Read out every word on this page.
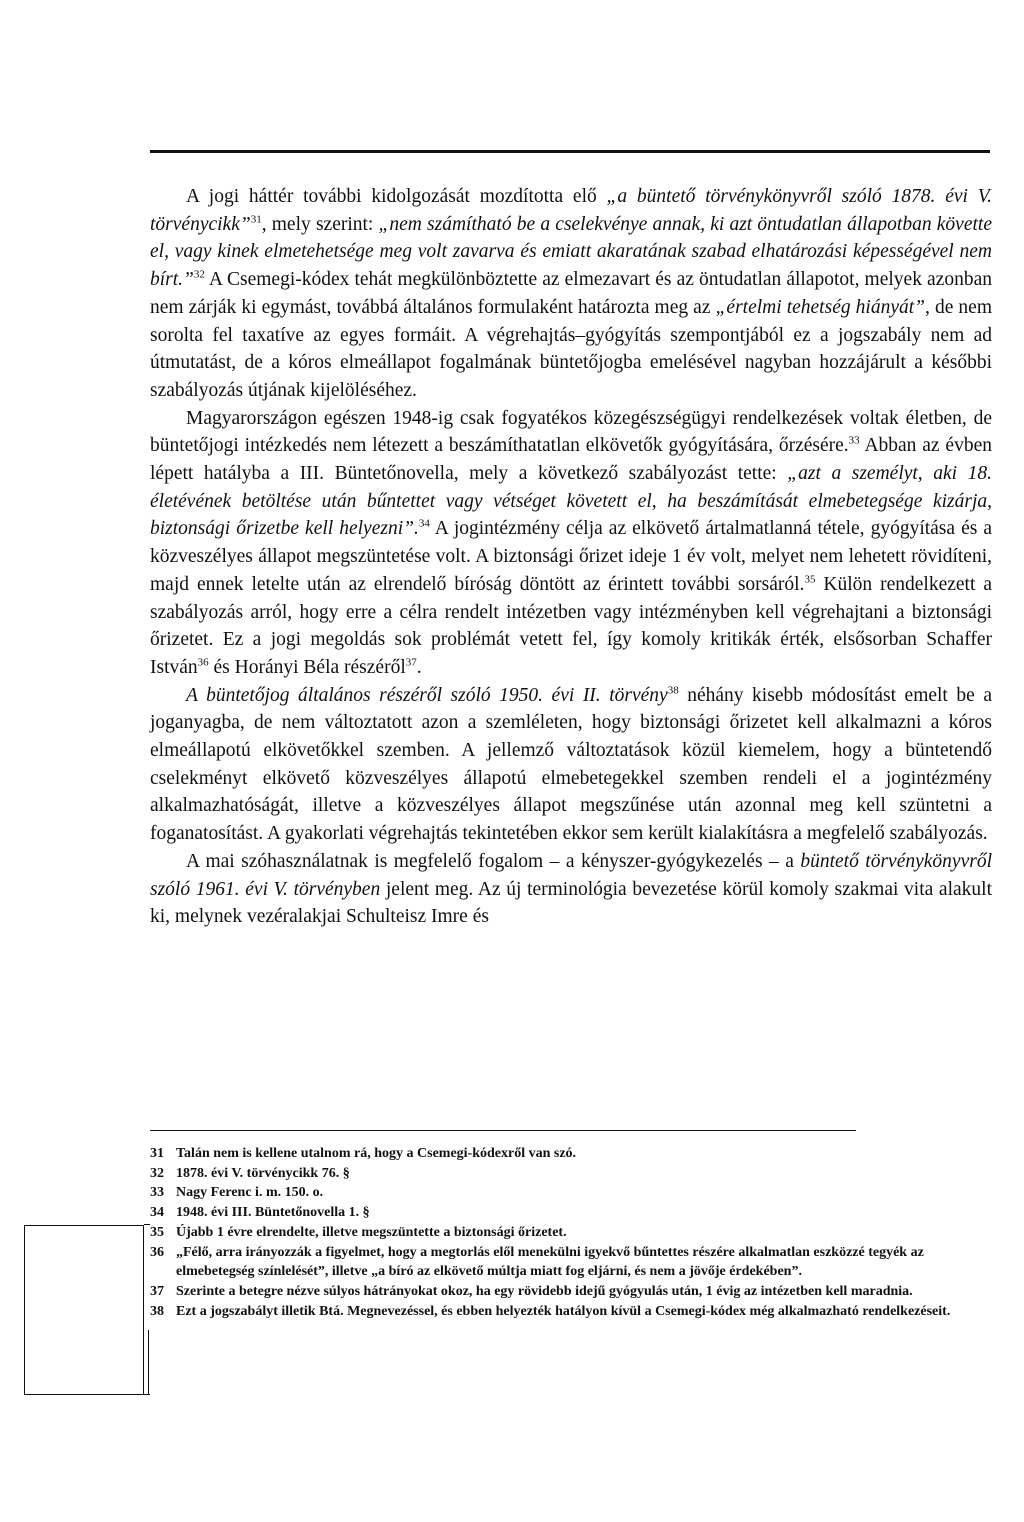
A jogi háttér további kidolgozását mozdította elő „a büntető törvénykönyvről szóló 1878. évi V. törvénycikk”$^{31}$, mely szerint: „nem számítható be a cselekvénye annak, ki azt öntudatlan állapotban követte el, vagy kinek elmetehetsége meg volt zavarva és emiatt akaratának szabad elhatározási képességével nem bírt.”$^{32}$ A Csemegi-kódex tehát megkülönböztette az elmezavart és az öntudatlan állapotot, melyek azonban nem zárják ki egymást, továbbá általános formulaként határozta meg az „értelmi tehetség hiányát”, de nem sorolta fel taxatíve az egyes formáit. A végrehajtás–gyógyítás szempontjából ez a jogszabály nem ad útmutatást, de a kóros elmeállapot fogalmának büntetőjogba emelésével nagyban hozzájárult a későbbi szabályozás útjának kijelöléséhez.

Magyarországon egészen 1948-ig csak fogyatékos közegészségügyi rendelkezések voltak életben, de büntetőjogi intézkedés nem létezett a beszámíthatatlan elkövetők gyógyítására, őrzésére.$^{33}$ Abban az évben lépett hatályba a III. Büntetőnovella, mely a következő szabályozást tette: „azt a személyt, aki 18. életévének betöltése után bűntettet vagy vétséget követett el, ha beszámítását elmebetegsége kizárja, biztonsági őrizetbe kell helyezni”.$^{34}$ A jogintézmény célja az elkövető ártalmatlanná tétele, gyógyítása és a közveszélyes állapot megszüntetése volt. A biztonsági őrizet ideje 1 év volt, melyet nem lehetett rövidíteni, majd ennek letelte után az elrendelő bíróság döntött az érintett további sorsáról.$^{35}$ Külön rendelkezett a szabályozás arról, hogy erre a célra rendelt intézetben vagy intézményben kell végrehajtani a biztonsági őrizetet. Ez a jogi megoldás sok problémát vetett fel, így komoly kritikák érték, elsősorban Schaffer István$^{36}$ és Horányi Béla részéről$^{37}$.

A büntetőjog általános részéről szóló 1950. évi II. törvény$^{38}$ néhány kisebb módosítást emelt be a joganyagba, de nem változtatott azon a szemléleten, hogy biztonsági őrizetet kell alkalmazni a kóros elmeállapotú elkövetőkkel szemben. A jellemző változtatások közül kiemelem, hogy a büntetendő cselekményt elkövető közveszélyes állapotú elmebetegekkel szemben rendeli el a jogintézmény alkalmazhatóságát, illetve a közveszélyes állapot megszűnése után azonnal meg kell szüntetni a foganatosítást. A gyakorlati végrehajtás tekintetében ekkor sem került kialakításra a megfelelő szabályozás.

A mai szóhasználatnak is megfelelő fogalom – a kényszer-gyógykezelés – a büntető törvénykönyvről szóló 1961. évi V. törvényben jelent meg. Az új terminológia bevezetése körül komoly szakmai vita alakult ki, melynek vezéralakjai Schulteisz Imre és

31 Talán nem is kellene utalnom rá, hogy a Csemegi-kódexről van szó.
32 1878. évi V. törvénycikk 76. §
33 Nagy Ferenc i. m. 150. o.
34 1948. évi III. Büntetőnovella 1. §
35 Újabb 1 évre elrendelte, illetve megszüntette a biztonsági őrizetet.
36 „Félő, arra irányozzák a figyelmet, hogy a megtorlás elől menekülni igyekvő bűntettes részére alkalmatlan eszközzé tegyék az elmebetegség színlelését”, illetve „a bíró az elkövető múltja miatt fog eljárni, és nem a jövője érdekében”.
37 Szerinte a betegre nézve súlyos hátrányokat okoz, ha egy rövidebb idejű gyógyulás után, 1 évig az intézetben kell maradnia.
38 Ezt a jogszabályt illetik Btá. Megnevezéssel, és ebben helyezték hatályon kívül a Csemegi-kódex még alkalmazható rendelkezéseit.
